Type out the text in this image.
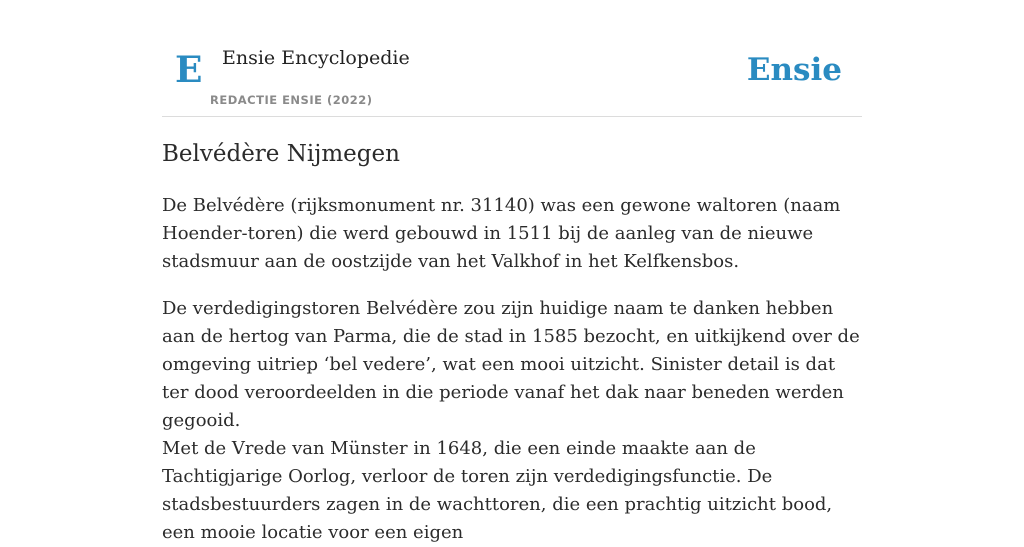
E Ensie Encyclopedie
REDACTIE ENSIE (2022)
Ensie
Belvédère Nijmegen

De Belvédère (rijksmonument nr. 31140) was een gewone waltoren (naam Hoender-toren) die werd gebouwd in 1511 bij de aanleg van de nieuwe stadsmuur aan de oostzijde van het Valkhof in het Kelfkensbos.

De verdedigingstoren Belvédère zou zijn huidige naam te danken hebben aan de hertog van Parma, die de stad in 1585 bezocht, en uitkijkend over de omgeving uitriep ‘bel vedere’, wat een mooi uitzicht. Sinister detail is dat ter dood veroordeelden in die periode vanaf het dak naar beneden werden gegooid.

Met de Vrede van Münster in 1648, die een einde maakte aan de Tachtigjarige Oorlog, verloor de toren zijn verdedigingsfunctie. De stadsbestuurders zagen in de wachttoren, die een prachtig uitzicht bood, een mooie locatie voor een eigen
